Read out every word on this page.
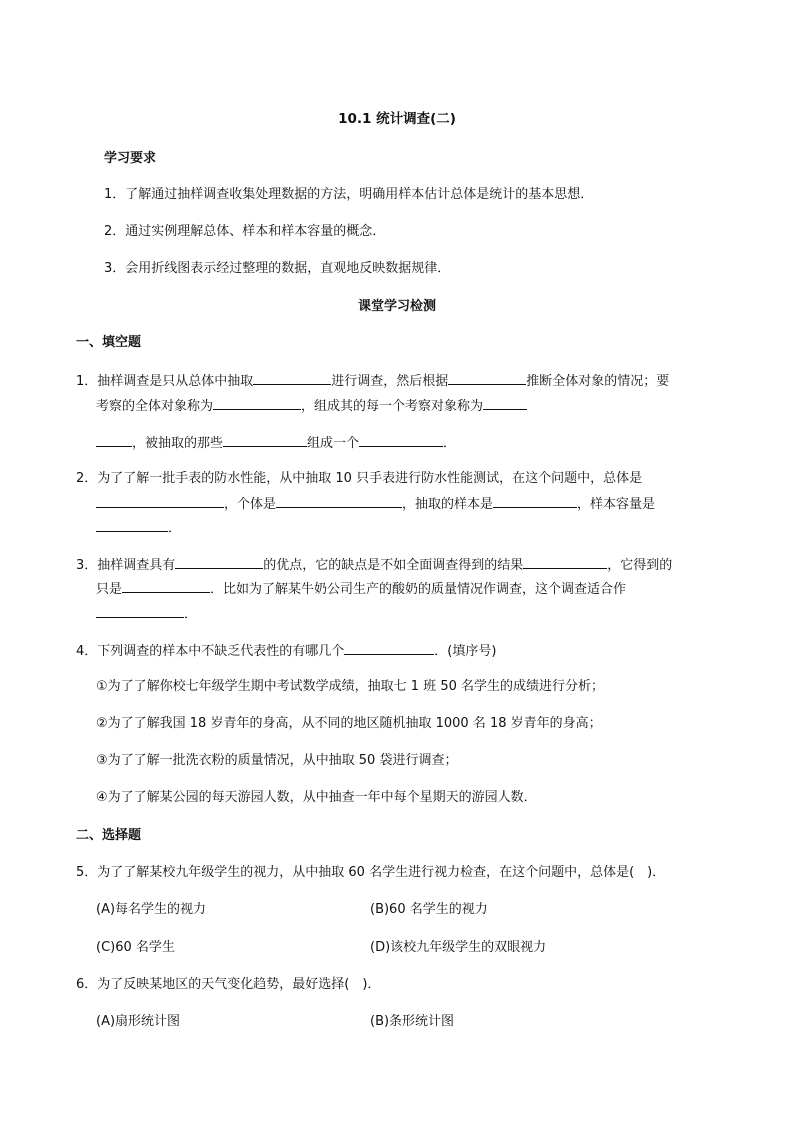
10.1 统计调查(二)
学习要求
1．了解通过抽样调查收集处理数据的方法，明确用样本估计总体是统计的基本思想．
2．通过实例理解总体、样本和样本容量的概念．
3．会用折线图表示经过整理的数据，直观地反映数据规律．
课堂学习检测
一、填空题
1．抽样调查是只从总体中抽取	进行调查，然后根据	推断全体对象的情况；要
考察的全体对象称为	，组成其的每一个考察对象称为
，被抽取的那些	组成一个	．
2．为了了解一批手表的防水性能，从中抽取 10 只手表进行防水性能测试，在这个问题中，总体是
，个体是	，抽取的样本是	，样本容量是
．
3．抽样调查具有	的优点，它的缺点是不如全面调查得到的结果	，它得到的
只是	．比如为了解某牛奶公司生产的酸奶的质量情况作调查，这个调查适合作
．
4．下列调查的样本中不缺乏代表性的有哪几个	．(填序号)
①为了了解你校七年级学生期中考试数学成绩，抽取七 1 班 50 名学生的成绩进行分析；
②为了了解我国 18 岁青年的身高，从不同的地区随机抽取 1000 名 18 岁青年的身高；
③为了了解一批洗衣粉的质量情况，从中抽取 50 袋进行调查；
④为了了解某公园的每天游园人数，从中抽查一年中每个星期天的游园人数．
二、选择题
5．为了了解某校九年级学生的视力，从中抽取 60 名学生进行视力检查，在这个问题中，总体是(　)．
(A)每名学生的视力	(B)60 名学生的视力
(C)60 名学生	(D)该校九年级学生的双眼视力
6．为了反映某地区的天气变化趋势，最好选择(　)．
(A)扇形统计图	(B)条形统计图
